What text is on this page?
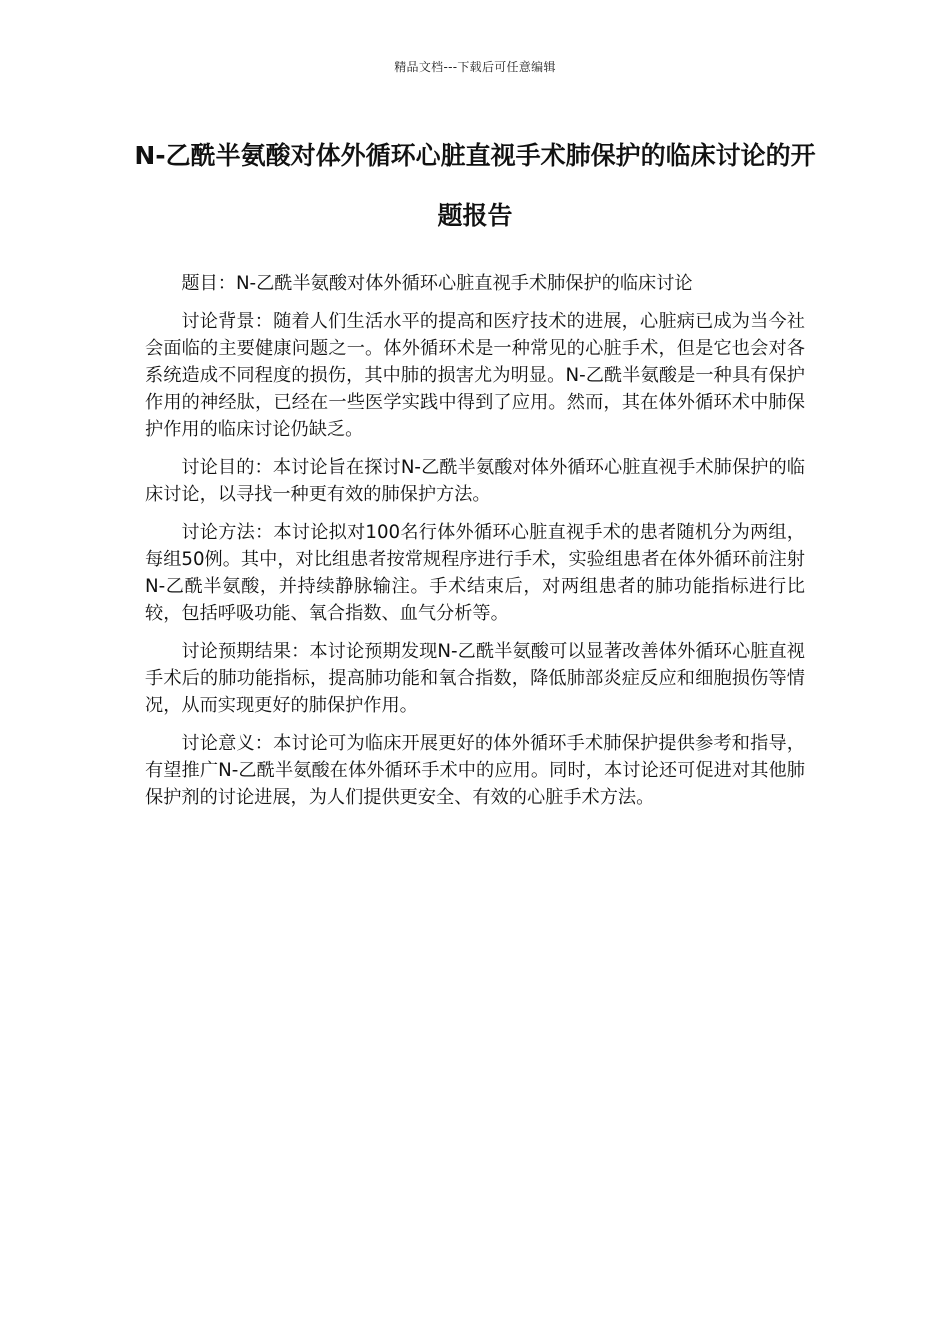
精品文档---下载后可任意编辑
N-乙酰半氨酸对体外循环心脏直视手术肺保护的临床讨论的开题报告

题目：N-乙酰半氨酸对体外循环心脏直视手术肺保护的临床讨论

讨论背景：随着人们生活水平的提高和医疗技术的进展，心脏病已成为当今社会面临的主要健康问题之一。体外循环术是一种常见的心脏手术，但是它也会对各系统造成不同程度的损伤，其中肺的损害尤为明显。N-乙酰半氨酸是一种具有保护作用的神经肽，已经在一些医学实践中得到了应用。然而，其在体外循环术中肺保护作用的临床讨论仍缺乏。

讨论目的：本讨论旨在探讨N-乙酰半氨酸对体外循环心脏直视手术肺保护的临床讨论，以寻找一种更有效的肺保护方法。

讨论方法：本讨论拟对100名行体外循环心脏直视手术的患者随机分为两组，每组50例。其中，对比组患者按常规程序进行手术，实验组患者在体外循环前注射N-乙酰半氨酸，并持续静脉输注。手术结束后，对两组患者的肺功能指标进行比较，包括呼吸功能、氧合指数、血气分析等。

讨论预期结果：本讨论预期发现N-乙酰半氨酸可以显著改善体外循环心脏直视手术后的肺功能指标，提高肺功能和氧合指数，降低肺部炎症反应和细胞损伤等情况，从而实现更好的肺保护作用。

讨论意义：本讨论可为临床开展更好的体外循环手术肺保护提供参考和指导，有望推广N-乙酰半氨酸在体外循环手术中的应用。同时，本讨论还可促进对其他肺保护剂的讨论进展，为人们提供更安全、有效的心脏手术方法。
